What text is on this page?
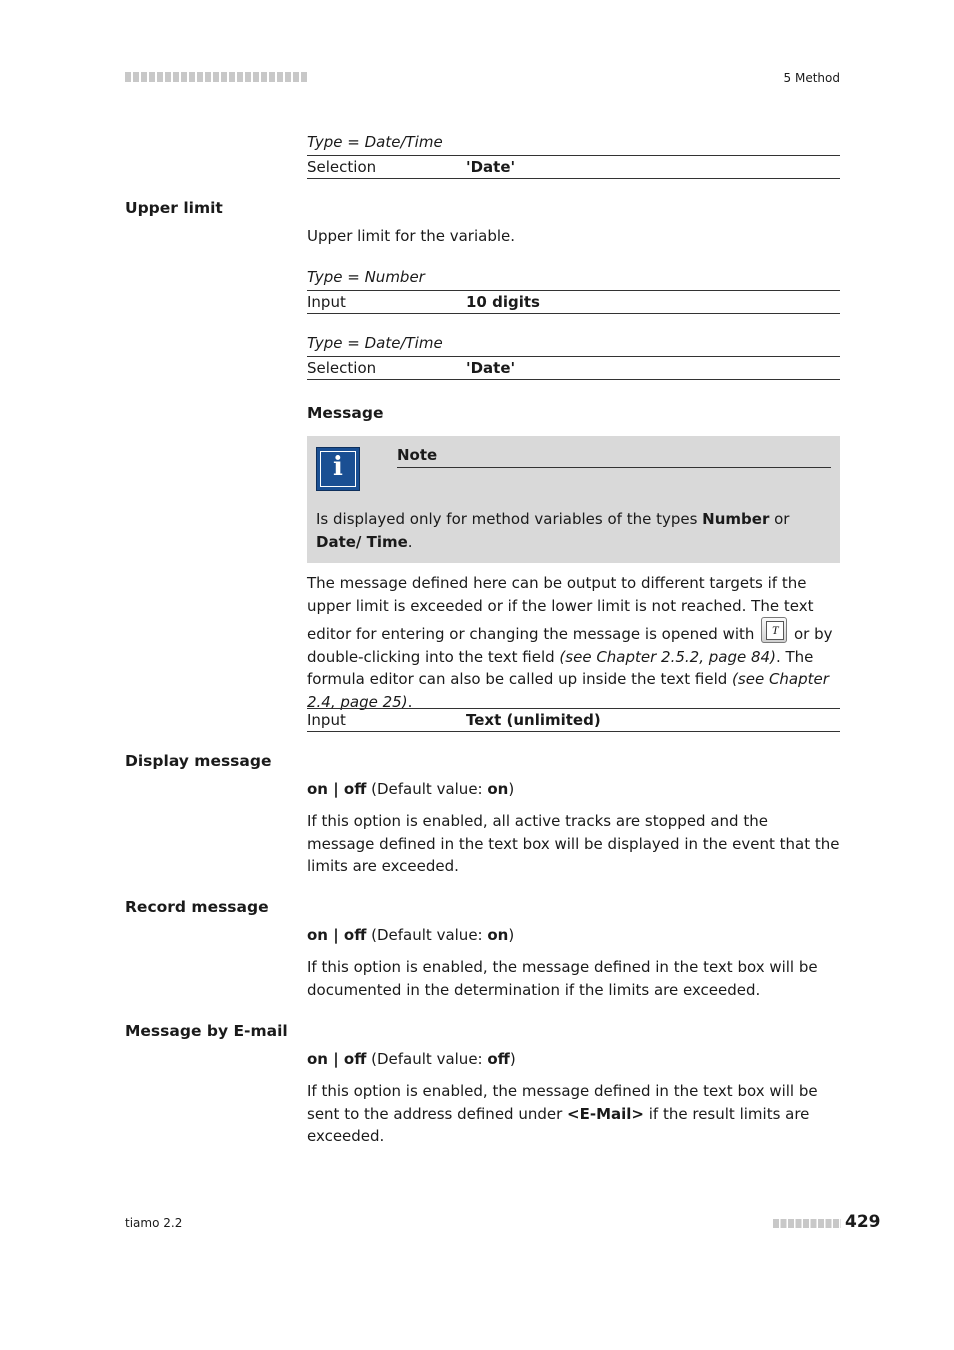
5 Method
Type = Date/Time
Selection	'Date'
Upper limit
Upper limit for the variable.
Type = Number
Input	10 digits
Type = Date/Time
Selection	'Date'
Message
i	Note
Is displayed only for method variables of the types Number or Date/ Time.
The message defined here can be output to different targets if the upper limit is exceeded or if the lower limit is not reached. The text editor for entering or changing the message is opened with	T	or by double-clicking into the text field (see Chapter 2.5.2, page 84). The formula editor can also be called up inside the text field (see Chapter 2.4, page 25).
Input	Text (unlimited)
Display message
on | off (Default value: on)
If this option is enabled, all active tracks are stopped and the message defined in the text box will be displayed in the event that the limits are exceeded.
Record message
on | off (Default value: on)
If this option is enabled, the message defined in the text box will be documented in the determination if the limits are exceeded.
Message by E-mail
on | off (Default value: off)
If this option is enabled, the message defined in the text box will be sent to the address defined under <E-Mail> if the result limits are exceeded.
tiamo 2.2	429
